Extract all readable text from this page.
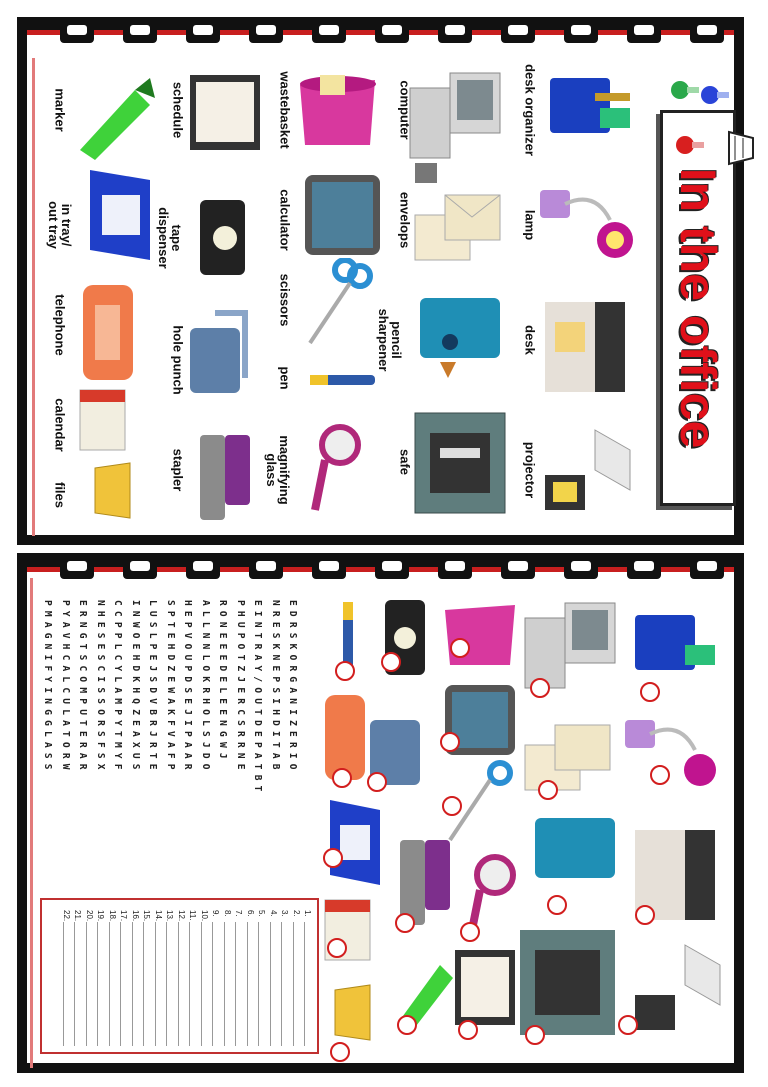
In the office
desk organizer
lamp
desk
projector
computer
envelops
pencil
sharpener
safe
wastebasket
calculator
scissors
pen
magnifying
glass
schedule
tape
dispenser
hole punch
stapler
marker
in tray/
out tray
telephone
calendar
files
EDRSKORGANIZERIO
NRESKNEPSIHDITAB
EINTRAY/OUTDEPATBT
PHUPOTZJERCSRRNE
RONEEEDELEENGWJ
ALLNNLOKRHOLSJDO
HEPVOUPDSEJIPAAR
SPTEHDZEWAKFVAFP
LUSLPEJSDVBRJRTE
INWOEHDKHQZEAXUS
CCPPLCYLAMPYTMYF
NHESESCISSORSFSX
ERNGTSCOMPUTERAR
PYAVHCALCULATORW
PMAGNIFYINGGLASS
1.
2.
3.
4.
5.
6.
7.
8.
9.
10.
11.
12.
13.
14.
15.
16.
17.
18.
19.
20.
21.
22.
